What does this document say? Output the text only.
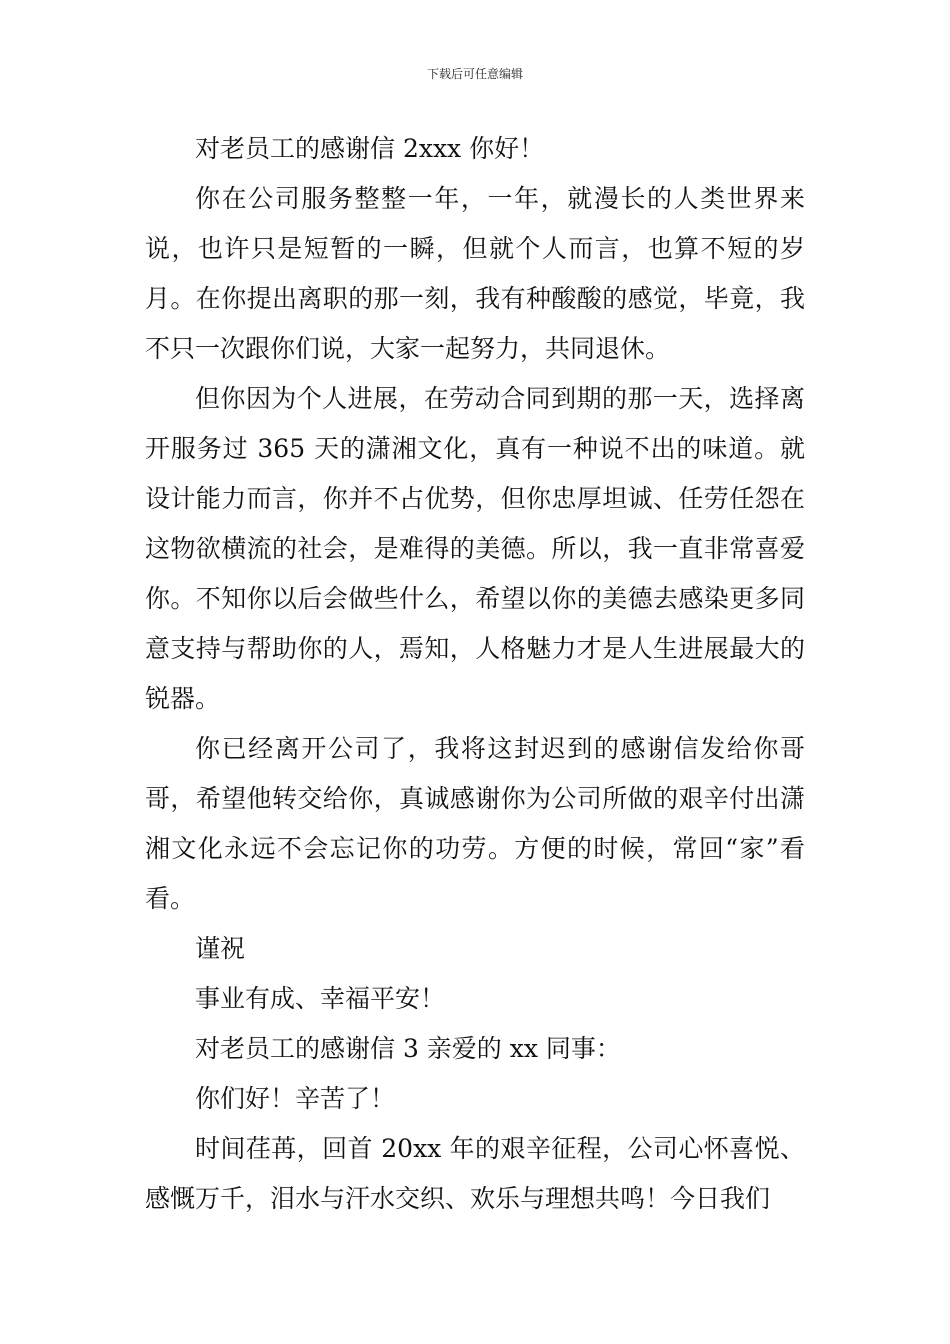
下载后可任意编辑

对老员工的感谢信 2xxx 你好！

你在公司服务整整一年，一年，就漫长的人类世界来说，也许只是短暂的一瞬，但就个人而言，也算不短的岁月。在你提出离职的那一刻，我有种酸酸的感觉，毕竟，我不只一次跟你们说，大家一起努力，共同退休。

但你因为个人进展，在劳动合同到期的那一天，选择离开服务过 365 天的潇湘文化，真有一种说不出的味道。就设计能力而言，你并不占优势，但你忠厚坦诚、任劳任怨在这物欲横流的社会，是难得的美德。所以，我一直非常喜爱你。不知你以后会做些什么，希望以你的美德去感染更多同意支持与帮助你的人，焉知，人格魅力才是人生进展最大的锐器。

你已经离开公司了，我将这封迟到的感谢信发给你哥哥，希望他转交给你，真诚感谢你为公司所做的艰辛付出潇湘文化永远不会忘记你的功劳。方便的时候，常回“家”看看。

谨祝

事业有成、幸福平安！

对老员工的感谢信 3 亲爱的 xx 同事：

你们好！辛苦了！

时间荏苒，回首 20xx 年的艰辛征程，公司心怀喜悦、感慨万千，泪水与汗水交织、欢乐与理想共鸣！今日我们
